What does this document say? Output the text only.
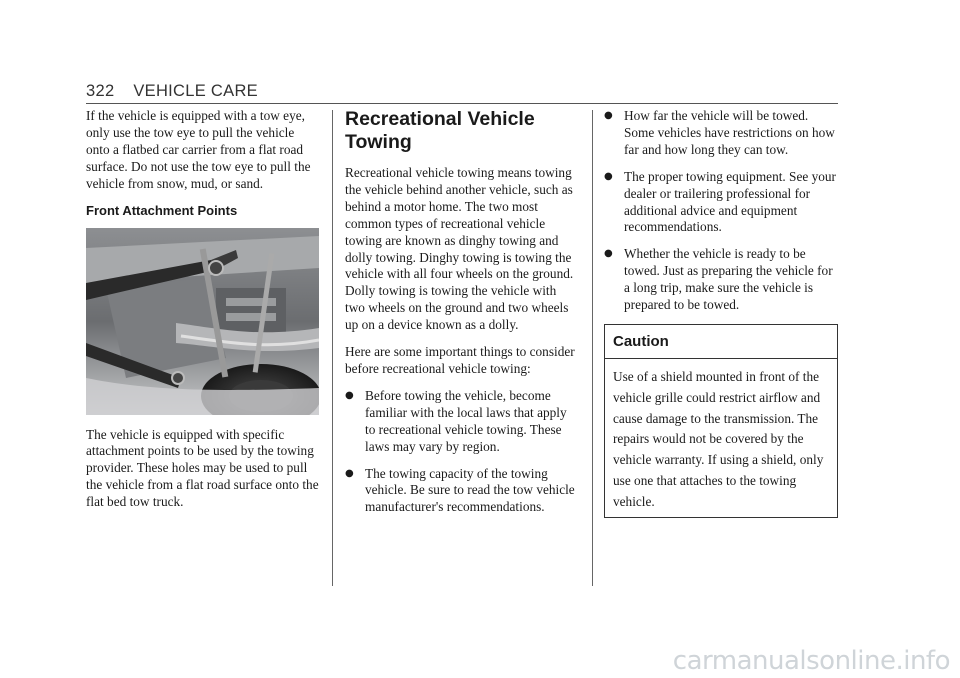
322 VEHICLE CARE

If the vehicle is equipped with a tow eye, only use the tow eye to pull the vehicle onto a flatbed car carrier from a flat road surface. Do not use the tow eye to pull the vehicle from snow, mud, or sand.

Front Attachment Points

The vehicle is equipped with specific attachment points to be used by the towing provider. These holes may be used to pull the vehicle from a flat road surface onto the flat bed tow truck.

Recreational Vehicle Towing

Recreational vehicle towing means towing the vehicle behind another vehicle, such as behind a motor home. The two most common types of recreational vehicle towing are known as dinghy towing and dolly towing. Dinghy towing is towing the vehicle with all four wheels on the ground. Dolly towing is towing the vehicle with two wheels on the ground and two wheels up on a device known as a dolly.

Here are some important things to consider before recreational vehicle towing:

● Before towing the vehicle, become familiar with the local laws that apply to recreational vehicle towing. These laws may vary by region.
● The towing capacity of the towing vehicle. Be sure to read the tow vehicle manufacturer's recommendations.
● How far the vehicle will be towed. Some vehicles have restrictions on how far and how long they can tow.
● The proper towing equipment. See your dealer or trailering professional for additional advice and equipment recommendations.
● Whether the vehicle is ready to be towed. Just as preparing the vehicle for a long trip, make sure the vehicle is prepared to be towed.
Caution
Use of a shield mounted in front of the vehicle grille could restrict airflow and cause damage to the transmission. The repairs would not be covered by the vehicle warranty. If using a shield, only use one that attaches to the towing vehicle.
carmanualsonline.info
